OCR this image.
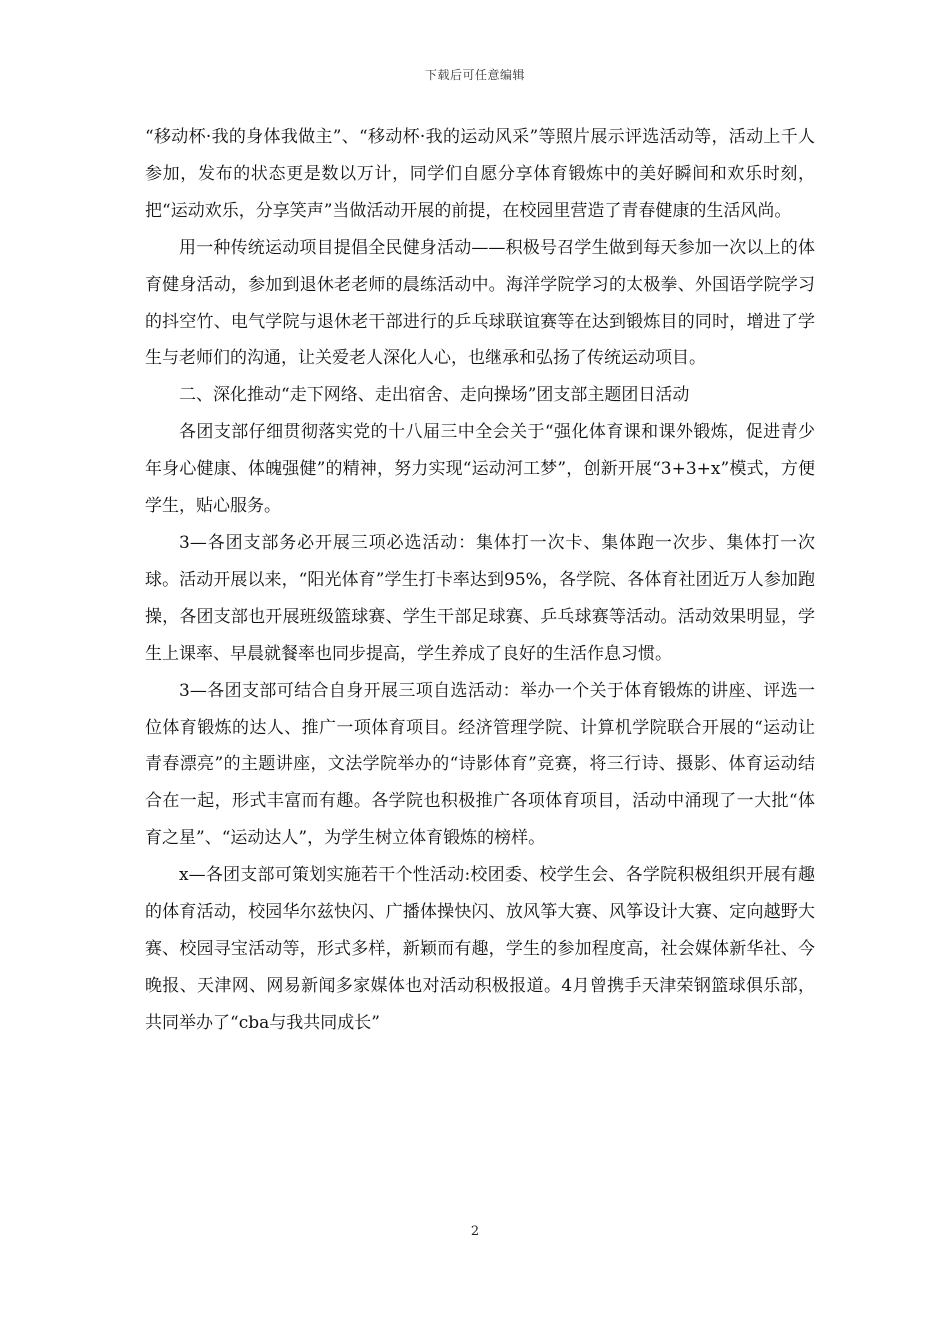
下载后可任意编辑

“移动杯·我的身体我做主”、“移动杯·我的运动风采”等照片展示评选活动等，活动上千人参加，发布的状态更是数以万计，同学们自愿分享体育锻炼中的美好瞬间和欢乐时刻，把“运动欢乐，分享笑声”当做活动开展的前提，在校园里营造了青春健康的生活风尚。

用一种传统运动项目提倡全民健身活动——积极号召学生做到每天参加一次以上的体育健身活动，参加到退休老老师的晨练活动中。海洋学院学习的太极拳、外国语学院学习的抖空竹、电气学院与退休老干部进行的乒乓球联谊赛等在达到锻炼目的同时，增进了学生与老师们的沟通，让关爱老人深化人心，也继承和弘扬了传统运动项目。

二、深化推动“走下网络、走出宿舍、走向操场”团支部主题团日活动

各团支部仔细贯彻落实党的十八届三中全会关于“强化体育课和课外锻炼，促进青少年身心健康、体魄强健”的精神，努力实现“运动河工梦”，创新开展“3+3+x”模式，方便学生，贴心服务。

3—各团支部务必开展三项必选活动：集体打一次卡、集体跑一次步、集体打一次球。活动开展以来，“阳光体育”学生打卡率达到95%，各学院、各体育社团近万人参加跑操，各团支部也开展班级篮球赛、学生干部足球赛、乒乓球赛等活动。活动效果明显，学生上课率、早晨就餐率也同步提高，学生养成了良好的生活作息习惯。

3—各团支部可结合自身开展三项自选活动：举办一个关于体育锻炼的讲座、评选一位体育锻炼的达人、推广一项体育项目。经济管理学院、计算机学院联合开展的“运动让青春漂亮”的主题讲座，文法学院举办的“诗影体育”竞赛，将三行诗、摄影、体育运动结合在一起，形式丰富而有趣。各学院也积极推广各项体育项目，活动中涌现了一大批“体育之星”、“运动达人”，为学生树立体育锻炼的榜样。

x—各团支部可策划实施若干个性活动:校团委、校学生会、各学院积极组织开展有趣的体育活动，校园华尔兹快闪、广播体操快闪、放风筝大赛、风筝设计大赛、定向越野大赛、校园寻宝活动等，形式多样，新颖而有趣，学生的参加程度高，社会媒体新华社、今晚报、天津网、网易新闻多家媒体也对活动积极报道。4月曾携手天津荣钢篮球俱乐部，共同举办了“cba与我共同成长”

2
